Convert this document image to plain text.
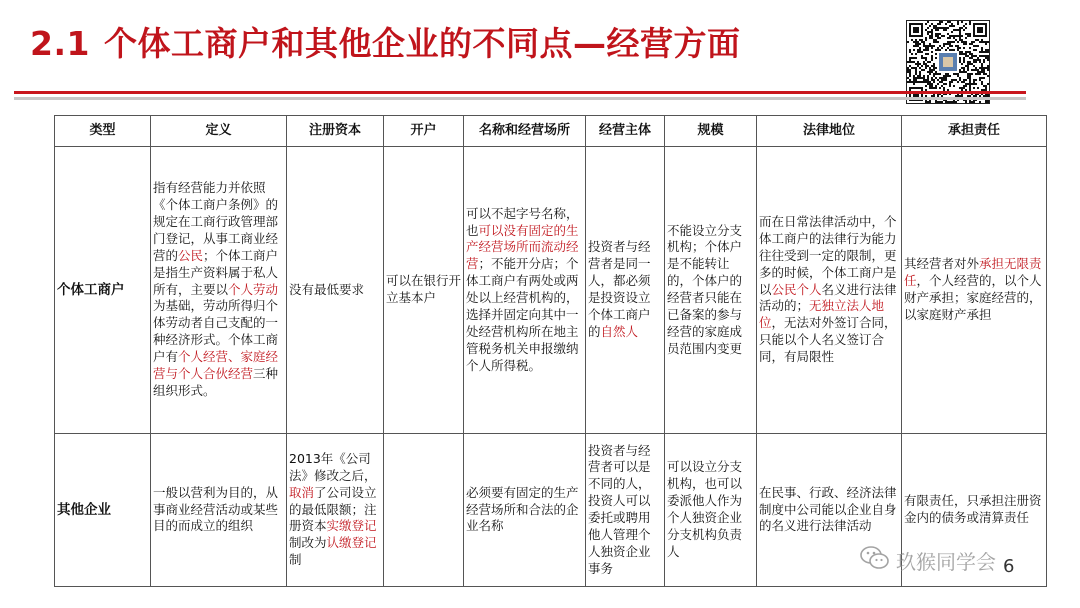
2.1 个体工商户和其他企业的不同点—经营方面
类型	定义	注册资本	开户	名称和经营场所	经营主体	规模	法律地位	承担责任
个体工商户	指有经营能力并依照《个体工商户条例》的规定在工商行政管理部门登记，从事工商业经营的公民；个体工商户是指生产资料属于私人所有，主要以个人劳动为基础，劳动所得归个体劳动者自己支配的一种经济形式。个体工商户有个人经营、家庭经营与个人合伙经营三种组织形式。	没有最低要求	可以在银行开立基本户	可以不起字号名称，也可以没有固定的生产经营场所而流动经营；不能开分店；个体工商户有两处或两处以上经营机构的，选择并固定向其中一处经营机构所在地主管税务机关申报缴纳个人所得税。	投资者与经营者是同一人，都必须是投资设立个体工商户的自然人	不能设立分支机构；个体户是不能转让的，个体户的经营者只能在已备案的参与经营的家庭成员范围内变更	而在日常法律活动中，个体工商户的法律行为能力往往受到一定的限制，更多的时候，个体工商户是以公民个人名义进行法律活动的；无独立法人地位，无法对外签订合同，只能以个人名义签订合同，有局限性	其经营者对外承担无限责任，个人经营的，以个人财产承担；家庭经营的，以家庭财产承担
其他企业	一般以营利为目的，从事商业经营活动或某些目的而成立的组织	2013年《公司法》修改之后，取消了公司设立的最低限额；注册资本实缴登记制改为认缴登记制		必须要有固定的生产经营场所和合法的企业名称	投资者与经营者可以是不同的人，投资人可以委托或聘用他人管理个人独资企业事务	可以设立分支机构，也可以委派他人作为个人独资企业分支机构负责人	在民事、行政、经济法律制度中公司能以企业自身的名义进行法律活动	有限责任，只承担注册资金内的债务或清算责任
玖猴同学会 6
